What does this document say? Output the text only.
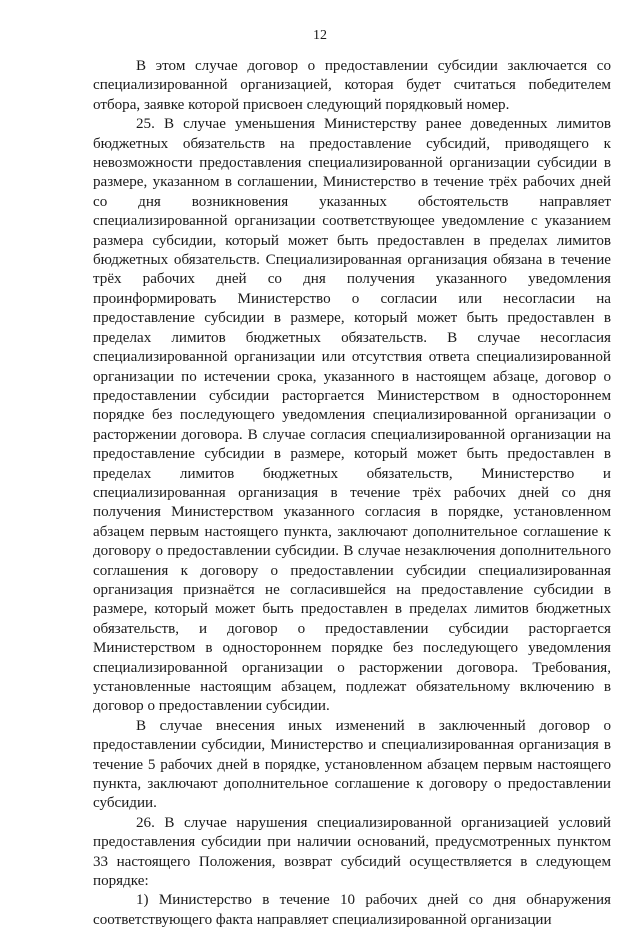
12

В этом случае договор о предоставлении субсидии заключается со специализированной организацией, которая будет считаться победителем отбора, заявке которой присвоен следующий порядковый номер.

25. В случае уменьшения Министерству ранее доведенных лимитов бюджетных обязательств на предоставление субсидий, приводящего к невозможности предоставления специализированной организации субсидии в размере, указанном в соглашении, Министерство в течение трёх рабочих дней со дня возникновения указанных обстоятельств направляет специализированной организации соответствующее уведомление с указанием размера субсидии, который может быть предоставлен в пределах лимитов бюджетных обязательств. Специализированная организация обязана в течение трёх рабочих дней со дня получения указанного уведомления проинформировать Министерство о согласии или несогласии на предоставление субсидии в размере, который может быть предоставлен в пределах лимитов бюджетных обязательств. В случае несогласия специализированной организации или отсутствия ответа специализированной организации по истечении срока, указанного в настоящем абзаце, договор о предоставлении субсидии расторгается Министерством в одностороннем порядке без последующего уведомления специализированной организации о расторжении договора. В случае согласия специализированной организации на предоставление субсидии в размере, который может быть предоставлен в пределах лимитов бюджетных обязательств, Министерство и специализированная организация в течение трёх рабочих дней со дня получения Министерством указанного согласия в порядке, установленном абзацем первым настоящего пункта, заключают дополнительное соглашение к договору о предоставлении субсидии. В случае незаключения дополнительного соглашения к договору о предоставлении субсидии специализированная организация признаётся не согласившейся на предоставление субсидии в размере, который может быть предоставлен в пределах лимитов бюджетных обязательств, и договор о предоставлении субсидии расторгается Министерством в одностороннем порядке без последующего уведомления специализированной организации о расторжении договора. Требования, установленные настоящим абзацем, подлежат обязательному включению в договор о предоставлении субсидии.

В случае внесения иных изменений в заключенный договор о предоставлении субсидии, Министерство и специализированная организация в течение 5 рабочих дней в порядке, установленном абзацем первым настоящего пункта, заключают дополнительное соглашение к договору о предоставлении субсидии.

26. В случае нарушения специализированной организацией условий предоставления субсидии при наличии оснований, предусмотренных пунктом 33 настоящего Положения, возврат субсидий осуществляется в следующем порядке:

1) Министерство в течение 10 рабочих дней со дня обнаружения соответствующего факта направляет специализированной организации
